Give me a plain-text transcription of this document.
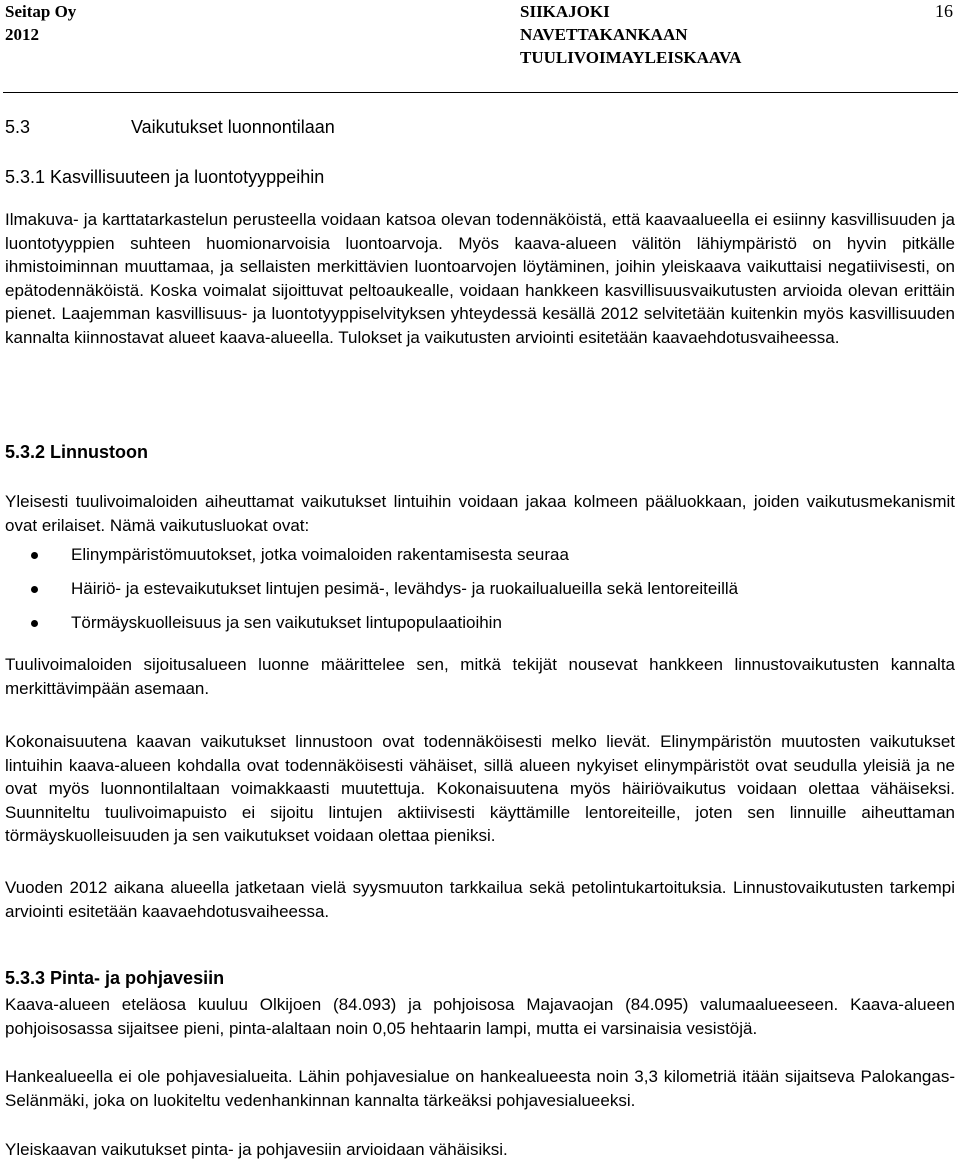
Seitap Oy
2012
SIIKAJOKI
NAVETTAKANKAAN
TUULIVOIMAYLEISKAAVA
16
5.3	Vaikutukset luonnontilaan
5.3.1 Kasvillisuuteen ja luontotyyppeihin

Ilmakuva- ja karttatarkastelun perusteella voidaan katsoa olevan todennäköistä, että kaavaalueella ei esiinny kasvillisuuden ja luontotyyppien suhteen huomionarvoisia luontoarvoja. Myös kaava-alueen välitön lähiympäristö on hyvin pitkälle ihmistoiminnan muuttamaa, ja sellaisten merkittävien luontoarvojen löytäminen, joihin yleiskaava vaikuttaisi negatiivisesti, on epätodennäköistä. Koska voimalat sijoittuvat peltoaukealle, voidaan hankkeen kasvillisuusvaikutusten arvioida olevan erittäin pienet. Laajemman kasvillisuus- ja luontotyyppiselvityksen yhteydessä kesällä 2012 selvitetään kuitenkin myös kasvillisuuden kannalta kiinnostavat alueet kaava-alueella. Tulokset ja vaikutusten arviointi esitetään kaavaehdotusvaiheessa.

5.3.2 Linnustoon

Yleisesti tuulivoimaloiden aiheuttamat vaikutukset lintuihin voidaan jakaa kolmeen pääluokkaan, joiden vaikutusmekanismit ovat erilaiset. Nämä vaikutusluokat ovat:

Elinympäristömuutokset, jotka voimaloiden rakentamisesta seuraa
Häiriö- ja estevaikutukset lintujen pesimä-, levähdys- ja ruokailualueilla sekä lentoreiteillä
Törmäyskuolleisuus ja sen vaikutukset lintupopulaatioihin

Tuulivoimaloiden sijoitusalueen luonne määrittelee sen, mitkä tekijät nousevat hankkeen linnustovaikutusten kannalta merkittävimpään asemaan.

Kokonaisuutena kaavan vaikutukset linnustoon ovat todennäköisesti melko lievät. Elinympäristön muutosten vaikutukset lintuihin kaava-alueen kohdalla ovat todennäköisesti vähäiset, sillä alueen nykyiset elinympäristöt ovat seudulla yleisiä ja ne ovat myös luonnontilaltaan voimakkaasti muutettuja. Kokonaisuutena myös häiriövaikutus voidaan olettaa vähäiseksi. Suunniteltu tuulivoimapuisto ei sijoitu lintujen aktiivisesti käyttämille lentoreiteille, joten sen linnuille aiheuttaman törmäyskuolleisuuden ja sen vaikutukset voidaan olettaa pieniksi.

Vuoden 2012 aikana alueella jatketaan vielä syysmuuton tarkkailua sekä petolintukartoituksia. Linnustovaikutusten tarkempi arviointi esitetään kaavaehdotusvaiheessa.

5.3.3 Pinta- ja pohjavesiin

Kaava-alueen eteläosa kuuluu Olkijoen (84.093) ja pohjoisosa Majavaojan (84.095) valumaalueeseen. Kaava-alueen pohjoisosassa sijaitsee pieni, pinta-alaltaan noin 0,05 hehtaarin lampi, mutta ei varsinaisia vesistöjä.

Hankealueella ei ole pohjavesialueita. Lähin pohjavesialue on hankealueesta noin 3,3 kilometriä itään sijaitseva Palokangas-Selänmäki, joka on luokiteltu vedenhankinnan kannalta tärkeäksi pohjavesialueeksi.

Yleiskaavan vaikutukset pinta- ja pohjavesiin arvioidaan vähäisiksi.
